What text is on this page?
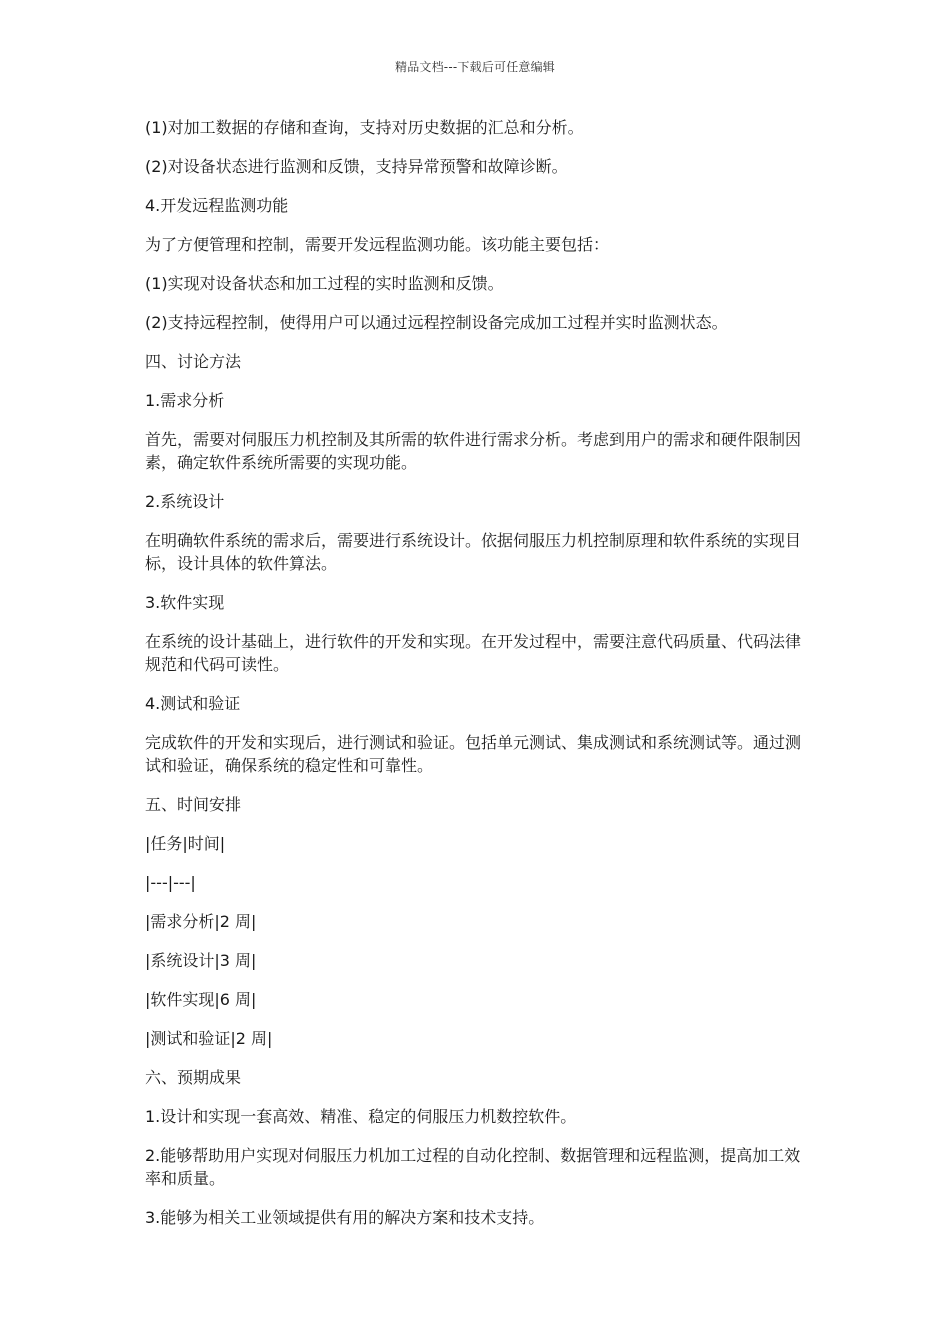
精品文档---下载后可任意编辑

(1)对加工数据的存储和查询，支持对历史数据的汇总和分析。

(2)对设备状态进行监测和反馈，支持异常预警和故障诊断。

4.开发远程监测功能

为了方便管理和控制，需要开发远程监测功能。该功能主要包括：

(1)实现对设备状态和加工过程的实时监测和反馈。

(2)支持远程控制，使得用户可以通过远程控制设备完成加工过程并实时监测状态。

四、讨论方法

1.需求分析

首先，需要对伺服压力机控制及其所需的软件进行需求分析。考虑到用户的需求和硬件限制因素，确定软件系统所需要的实现功能。

2.系统设计

在明确软件系统的需求后，需要进行系统设计。依据伺服压力机控制原理和软件系统的实现目标，设计具体的软件算法。

3.软件实现

在系统的设计基础上，进行软件的开发和实现。在开发过程中，需要注意代码质量、代码法律规范和代码可读性。

4.测试和验证

完成软件的开发和实现后，进行测试和验证。包括单元测试、集成测试和系统测试等。通过测试和验证，确保系统的稳定性和可靠性。

五、时间安排

|任务|时间|

|---|---|

|需求分析|2 周|

|系统设计|3 周|

|软件实现|6 周|

|测试和验证|2 周|

六、预期成果

1.设计和实现一套高效、精准、稳定的伺服压力机数控软件。

2.能够帮助用户实现对伺服压力机加工过程的自动化控制、数据管理和远程监测，提高加工效率和质量。

3.能够为相关工业领域提供有用的解决方案和技术支持。
